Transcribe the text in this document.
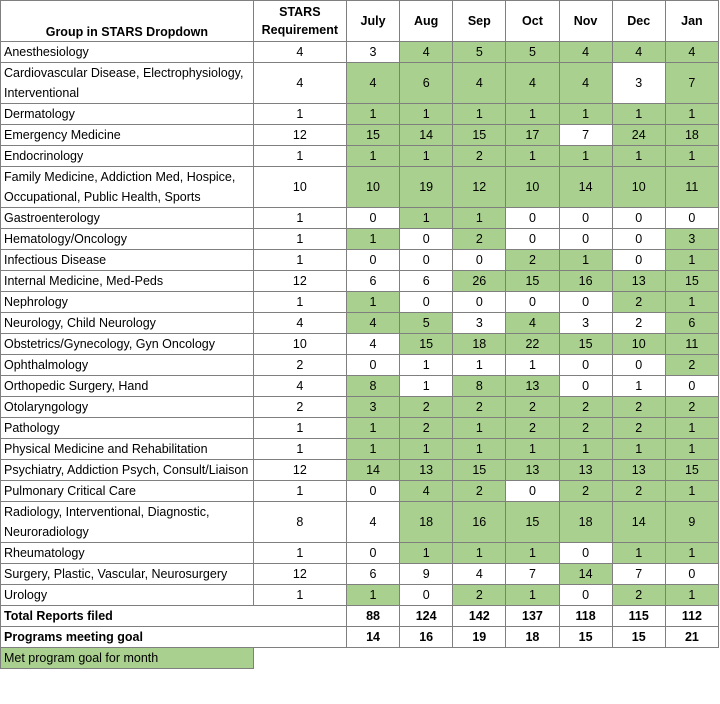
Group in STARS Dropdown	STARS Requirement	July	Aug	Sep	Oct	Nov	Dec	Jan
Anesthesiology	4	3	4	5	5	4	4	4
Cardiovascular Disease, Electrophysiology, Interventional	4	4	6	4	4	4	3	7
Dermatology	1	1	1	1	1	1	1	1
Emergency Medicine	12	15	14	15	17	7	24	18
Endocrinology	1	1	1	2	1	1	1	1
Family Medicine, Addiction Med, Hospice, Occupational, Public Health, Sports	10	10	19	12	10	14	10	11
Gastroenterology	1	0	1	1	0	0	0	0
Hematology/Oncology	1	1	0	2	0	0	0	3
Infectious Disease	1	0	0	0	2	1	0	1
Internal Medicine, Med-Peds	12	6	6	26	15	16	13	15
Nephrology	1	1	0	0	0	0	2	1
Neurology, Child Neurology	4	4	5	3	4	3	2	6
Obstetrics/Gynecology, Gyn Oncology	10	4	15	18	22	15	10	11
Ophthalmology	2	0	1	1	1	0	0	2
Orthopedic Surgery, Hand	4	8	1	8	13	0	1	0
Otolaryngology	2	3	2	2	2	2	2	2
Pathology	1	1	2	1	2	2	2	1
Physical Medicine and Rehabilitation	1	1	1	1	1	1	1	1
Psychiatry, Addiction Psych, Consult/Liaison	12	14	13	15	13	13	13	15
Pulmonary Critical Care	1	0	4	2	0	2	2	1
Radiology, Interventional, Diagnostic, Neuroradiology	8	4	18	16	15	18	14	9
Rheumatology	1	0	1	1	1	0	1	1
Surgery, Plastic, Vascular, Neurosurgery	12	6	9	4	7	14	7	0
Urology	1	1	0	2	1	0	2	1
Total Reports filed		88	124	142	137	118	115	112
Programs meeting goal		14	16	19	18	15	15	21
Met program goal for month								
